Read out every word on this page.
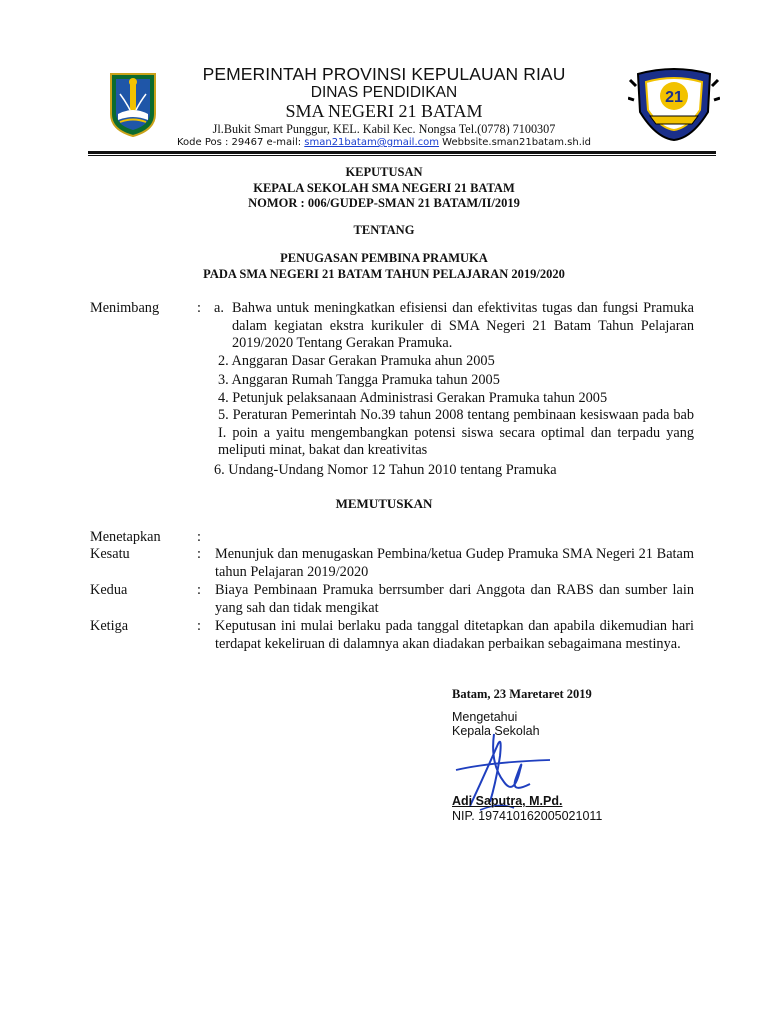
21
PEMERINTAH PROVINSI KEPULAUAN RIAU
DINAS PENDIDIKAN
SMA NEGERI 21 BATAM
Jl.Bukit Smart Punggur, KEL. Kabil Kec. Nongsa Tel.(0778) 7100307
Kode Pos : 29467 e-mail: sman21batam@gmail.com Webbsite.sman21batam.sh.id
KEPUTUSAN
KEPALA SEKOLAH SMA NEGERI 21 BATAM
NOMOR : 006/GUDEP-SMAN 21 BATAM/II/2019
TENTANG
PENUGASAN PEMBINA PRAMUKA
PADA SMA NEGERI 21 BATAM TAHUN PELAJARAN 2019/2020
Menimbang	: a. Bahwa untuk meningkatkan efisiensi dan efektivitas tugas dan fungsi Pramuka dalam kegiatan ekstra kurikuler di SMA Negeri 21 Batam Tahun Pelajaran 2019/2020 Tentang Gerakan Pramuka.
2. Anggaran Dasar Gerakan Pramuka ahun 2005
3. Anggaran Rumah Tangga Pramuka tahun 2005
4. Petunjuk pelaksanaan Administrasi Gerakan Pramuka tahun 2005
5. Peraturan Pemerintah No.39 tahun 2008 tentang pembinaan kesiswaan pada bab I. poin a yaitu mengembangkan potensi siswa secara optimal dan terpadu yang meliputi minat, bakat dan kreativitas
6. Undang-Undang Nomor 12 Tahun 2010 tentang Pramuka
MEMUTUSKAN
Menetapkan	:
Kesatu	: Menunjuk dan menugaskan Pembina/ketua Gudep Pramuka SMA Negeri 21 Batam tahun Pelajaran 2019/2020
Kedua	: Biaya Pembinaan Pramuka berrsumber dari Anggota dan RABS dan sumber lain yang sah dan tidak mengikat
Ketiga	: Keputusan ini mulai berlaku pada tanggal ditetapkan dan apabila dikemudian hari terdapat kekeliruan di dalamnya akan diadakan perbaikan sebagaimana mestinya.
Batam, 23 Maretaret 2019
Mengetahui
Kepala Sekolah
Adi Saputra, M.Pd.
NIP. 197410162005021011
